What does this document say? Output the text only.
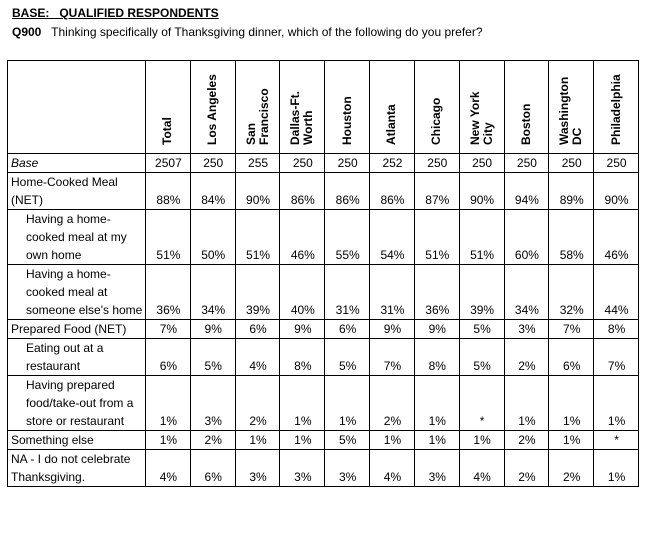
BASE:   QUALIFIED RESPONDENTS
Q900 Thinking specifically of Thanksgiving dinner, which of the following do you prefer?
	Total	Los Angeles	San Francisco	Dallas-Ft. Worth	Houston	Atlanta	Chicago	New York City	Boston	Washington DC	Philadelphia
Base	2507	250	255	250	250	252	250	250	250	250	250
Home-Cooked Meal (NET)	88%	84%	90%	86%	86%	86%	87%	90%	94%	89%	90%
Having a home-cooked meal at my own home	51%	50%	51%	46%	55%	54%	51%	51%	60%	58%	46%
Having a home-cooked meal at someone else's home	36%	34%	39%	40%	31%	31%	36%	39%	34%	32%	44%
Prepared Food (NET)	7%	9%	6%	9%	6%	9%	9%	5%	3%	7%	8%
Eating out at a restaurant	6%	5%	4%	8%	5%	7%	8%	5%	2%	6%	7%
Having prepared food/take-out from a store or restaurant	1%	3%	2%	1%	1%	2%	1%	*	1%	1%	1%
Something else	1%	2%	1%	1%	5%	1%	1%	1%	2%	1%	*
NA - I do not celebrate Thanksgiving.	4%	6%	3%	3%	3%	4%	3%	4%	2%	2%	1%
